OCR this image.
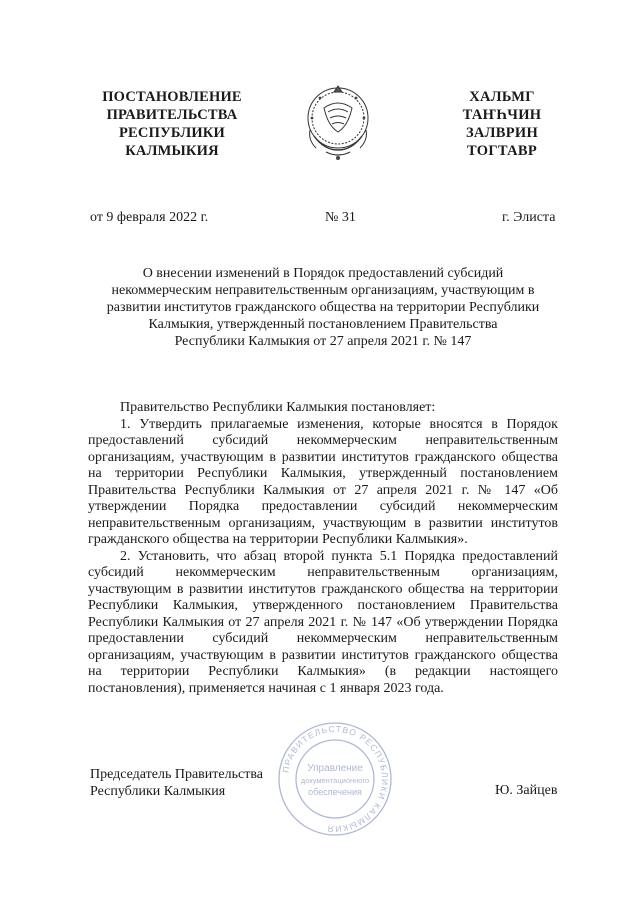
ПОСТАНОВЛЕНИЕ
ПРАВИТЕЛЬСТВА
РЕСПУБЛИКИ
КАЛМЫКИЯ
ХАЛЬМГ
ТАҤҺЧИН
ЗАЛВРИН
ТОГТАВР
от 9 февраля 2022 г.	№ 31	г. Элиста
О внесении изменений в Порядок предоставлений субсидий
некоммерческим неправительственным организациям, участвующим в
развитии институтов гражданского общества на территории Республики
Калмыкия, утвержденный постановлением Правительства
Республики Калмыкия от 27 апреля 2021 г. № 147

Правительство Республики Калмыкия постановляет:

1. Утвердить прилагаемые изменения, которые вносятся в Порядок предоставлений субсидий некоммерческим неправительственным организациям, участвующим в развитии институтов гражданского общества на территории Республики Калмыкия, утвержденный постановлением Правительства Республики Калмыкия от 27 апреля 2021 г. № 147 «Об утверждении Порядка предоставлении субсидий некоммерческим неправительственным организациям, участвующим в развитии институтов гражданского общества на территории Республики Калмыкия».

2. Установить, что абзац второй пункта 5.1 Порядка предоставлений субсидий некоммерческим неправительственным организациям, участвующим в развитии институтов гражданского общества на территории Республики Калмыкия, утвержденного постановлением Правительства Республики Калмыкия от 27 апреля 2021 г. № 147 «Об утверждении Порядка предоставлении субсидий некоммерческим неправительственным организациям, участвующим в развитии институтов гражданского общества на территории Республики Калмыкия» (в редакции настоящего постановления), применяется начиная с 1 января 2023 года.

ПРАВИТЕЛЬСТВО РЕСПУБЛИКИ КАЛМЫКИЯ
Управление
документационного
обеспечения
Председатель Правительства
Республики Калмыкия	Ю. Зайцев
